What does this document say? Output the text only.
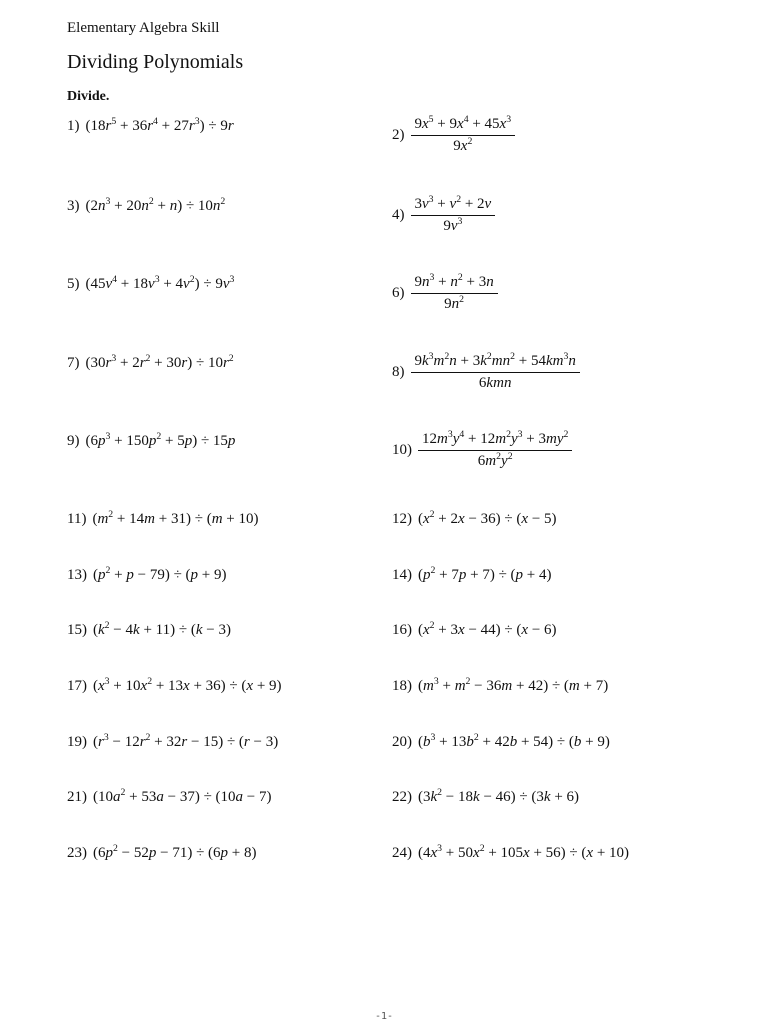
Elementary Algebra Skill
Dividing Polynomials
Divide.
1) $(18r^5 + 36r^4 + 27r^3) \div 9r$
$2) \frac{9x^5 + 9x^4 + 45x^3}{9x^2}$
3) $(2n^3 + 20n^2 + n) \div 10n^2$
$4) \frac{3v^3 + v^2 + 2v}{9v^3}$
5) $(45v^4 + 18v^3 + 4v^2) \div 9v^3$
$6) \frac{9n^3 + n^2 + 3n}{9n^2}$
7) $(30r^3 + 2r^2 + 30r) \div 10r^2$
$8) \frac{9k^3m^2n + 3k^2mn^2 + 54km^3n}{\text{6kmn}}$
9) $(6p^3 + 150p^2 + 5p) \div 15p$
$10) \frac{12m^3y^4 + 12m^2y^3 + 3my^2}{6m^2y^2}$
11) $(m^2 + 14m + 31) \div (m + 10)$	12) $(x^2 + 2x - 36) \div (x - 5)$
13) $(p^2 + p - 79) \div (p + 9)$	14) $(p^2 + 7p + 7) \div (p + 4)$
15) $(k^2 - 4k + 11) \div (k - 3)$	16) $(x^2 + 3x - 44) \div (x - 6)$
17) $(x^3 + 10x^2 + 13x + 36) \div (x + 9)$	18) $(m^3 + m^2 - 36m + 42) \div (m + 7)$
19) $(r^3 - 12r^2 + 32r - 15) \div (r - 3)$	20) $(b^3 + 13b^2 + 42b + 54) \div (b + 9)$
21) $(10a^2 + 53a - 37) \div (10a - 7)$	22) $(3k^2 - 18k - 46) \div (3k + 6)$
23) $(6p^2 - 52p - 71) \div (6p + 8)$	24) $(4x^3 + 50x^2 + 105x + 56) \div (x + 10)$
-1-
